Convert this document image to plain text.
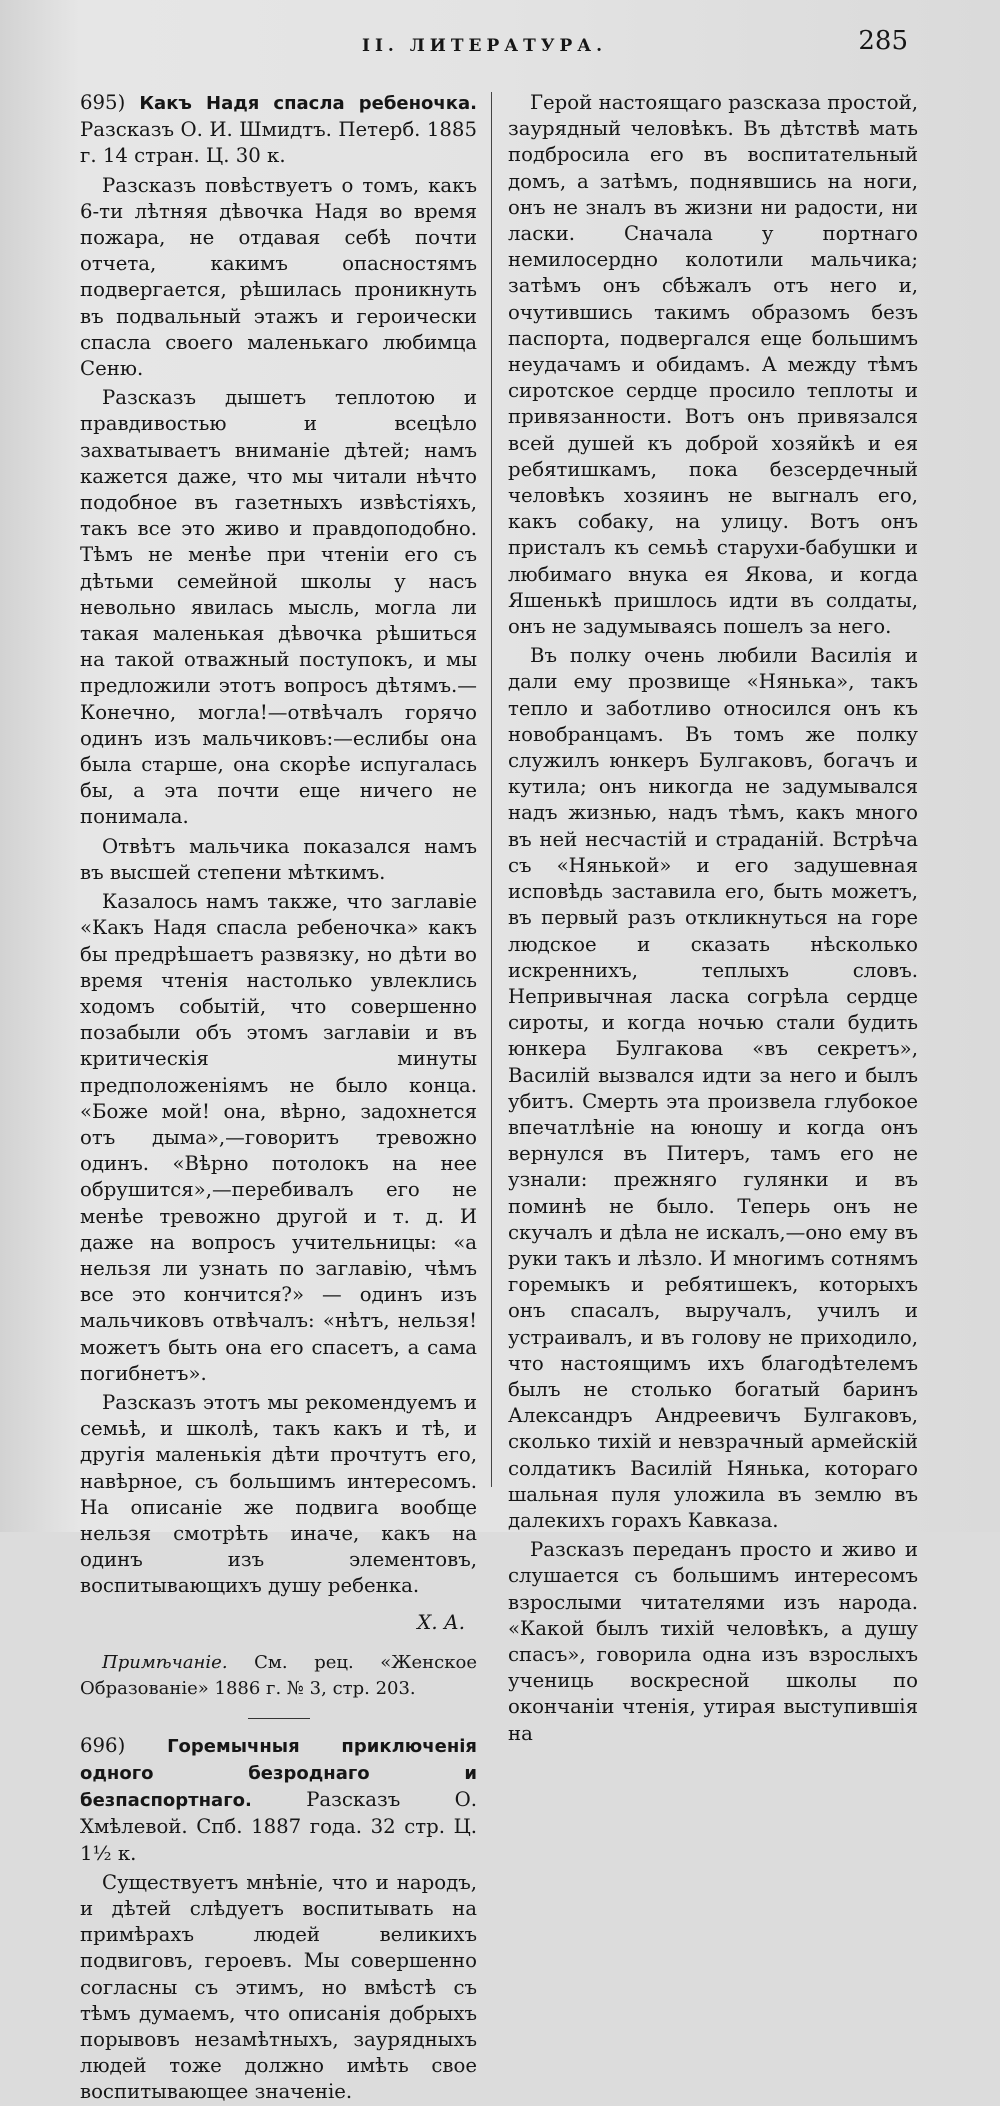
II. ЛИТЕРАТУРА.	285

695) Какъ Надя спасла ребеночка. Разсказъ О. И. Шмидтъ. Петерб. 1885 г. 14 стран. Ц. 30 к.

Разсказъ повѣствуетъ о томъ, какъ 6-ти лѣтняя дѣвочка Надя во время пожара, не отдавая себѣ почти отчета, какимъ опасностямъ подвергается, рѣшилась проникнуть въ подвальный этажъ и героически спасла своего маленькаго любимца Сеню.

Разсказъ дышетъ теплотою и правдивостью и всецѣло захватываетъ вниманіе дѣтей; намъ кажется даже, что мы читали нѣчто подобное въ газетныхъ извѣстіяхъ, такъ все это живо и правдоподобно. Тѣмъ не менѣе при чтеніи его съ дѣтьми семейной школы у насъ невольно явилась мысль, могла ли такая маленькая дѣвочка рѣшиться на такой отважный поступокъ, и мы предложили этотъ вопросъ дѣтямъ.—Конечно, могла!—отвѣчалъ горячо одинъ изъ мальчиковъ:—еслибы она была старше, она скорѣе испугалась бы, а эта почти еще ничего не понимала.

Отвѣтъ мальчика показался намъ въ высшей степени мѣткимъ.

Казалось намъ также, что заглавіе «Какъ Надя спасла ребеночка» какъ бы предрѣшаетъ развязку, но дѣти во время чтенія настолько увлеклись ходомъ событій, что совершенно позабыли объ этомъ заглавіи и въ критическія минуты предположеніямъ не было конца. «Боже мой! она, вѣрно, задохнется отъ дыма»,—говоритъ тревожно одинъ. «Вѣрно потолокъ на нее обрушится»,—перебивалъ его не менѣе тревожно другой и т. д. И даже на вопросъ учительницы: «а нельзя ли узнать по заглавію, чѣмъ все это кончится?» — одинъ изъ мальчиковъ отвѣчалъ: «нѣтъ, нельзя! можетъ быть она его спасетъ, а сама погибнетъ».

Разсказъ этотъ мы рекомендуемъ и семьѣ, и школѣ, такъ какъ и тѣ, и другія маленькія дѣти прочтутъ его, навѣрное, съ большимъ интересомъ. На описаніе же подвига вообще нельзя смотрѣть иначе, какъ на одинъ изъ элементовъ, воспитывающихъ душу ребенка.

Х. А.

Примѣчаніе. См. рец. «Женское Образованіе» 1886 г. № 3, стр. 203.

696) Горемычныя приключенія одного безроднаго и безпаспортнаго.	Разсказъ О. Хмѣлевой. Спб. 1887 года. 32 стр. Ц. 1½ к.

Существуетъ мнѣніе, что и народъ, и дѣтей слѣдуетъ воспитывать на примѣрахъ людей великихъ подвиговъ, героевъ. Мы совершенно согласны съ этимъ, но вмѣстѣ съ тѣмъ думаемъ, что описанія добрыхъ порывовъ незамѣтныхъ, заурядныхъ людей тоже должно имѣть свое воспитывающее значеніе.

Герой настоящаго разсказа простой, заурядный человѣкъ. Въ дѣтствѣ мать подбросила его въ воспитательный домъ, а затѣмъ, поднявшись на ноги, онъ не зналъ въ жизни ни радости, ни ласки. Сначала у портнаго немилосердно колотили мальчика; затѣмъ онъ сбѣжалъ отъ него и, очутившись такимъ образомъ безъ паспорта, подвергался еще большимъ неудачамъ и обидамъ. А между тѣмъ сиротское сердце просило теплоты и привязанности. Вотъ онъ привязался всей душей къ доброй хозяйкѣ и ея ребятишкамъ, пока безсердечный человѣкъ хозяинъ не выгналъ его, какъ собаку, на улицу. Вотъ онъ присталъ къ семьѣ старухи-бабушки и любимаго внука ея Якова, и когда Яшенькѣ пришлось идти въ солдаты, онъ не задумываясь пошелъ за него.

Въ полку очень любили Василія и дали ему прозвище «Нянька», такъ тепло и заботливо относился онъ къ новобранцамъ. Въ томъ же полку служилъ юнкеръ Булгаковъ, богачъ и кутила; онъ никогда не задумывался надъ жизнью, надъ тѣмъ, какъ много въ ней несчастій и страданій. Встрѣча съ «Нянькой» и его задушевная исповѣдь заставила его, быть можетъ, въ первый разъ откликнуться на горе людское и сказать нѣсколько искреннихъ, теплыхъ словъ. Непривычная ласка согрѣла сердце сироты, и когда ночью стали будить юнкера Булгакова «въ секретъ», Василій вызвался идти за него и былъ убитъ. Смерть эта произвела глубокое впечатлѣніе на юношу и когда онъ вернулся въ Питеръ, тамъ его не узнали: прежняго гулянки и въ поминѣ не было. Теперь онъ не скучалъ и дѣла не искалъ,—оно ему въ руки такъ и лѣзло. И многимъ сотнямъ горемыкъ и ребятишекъ, которыхъ онъ спасалъ, выручалъ, училъ и устраивалъ, и въ голову не приходило, что настоящимъ ихъ благодѣтелемъ былъ не столько богатый баринъ Александръ Андреевичъ Булгаковъ, сколько тихій и невзрачный армейскій солдатикъ Василій Нянька, котораго шальная пуля уложила въ землю въ далекихъ горахъ Кавказа.

Разсказъ переданъ просто и живо и слушается съ большимъ интересомъ взрослыми читателями изъ народа. «Какой былъ тихій человѣкъ, а душу спасъ», говорила одна изъ взрослыхъ учениць воскресной школы по окончаніи чтенія, утирая выступившія на
